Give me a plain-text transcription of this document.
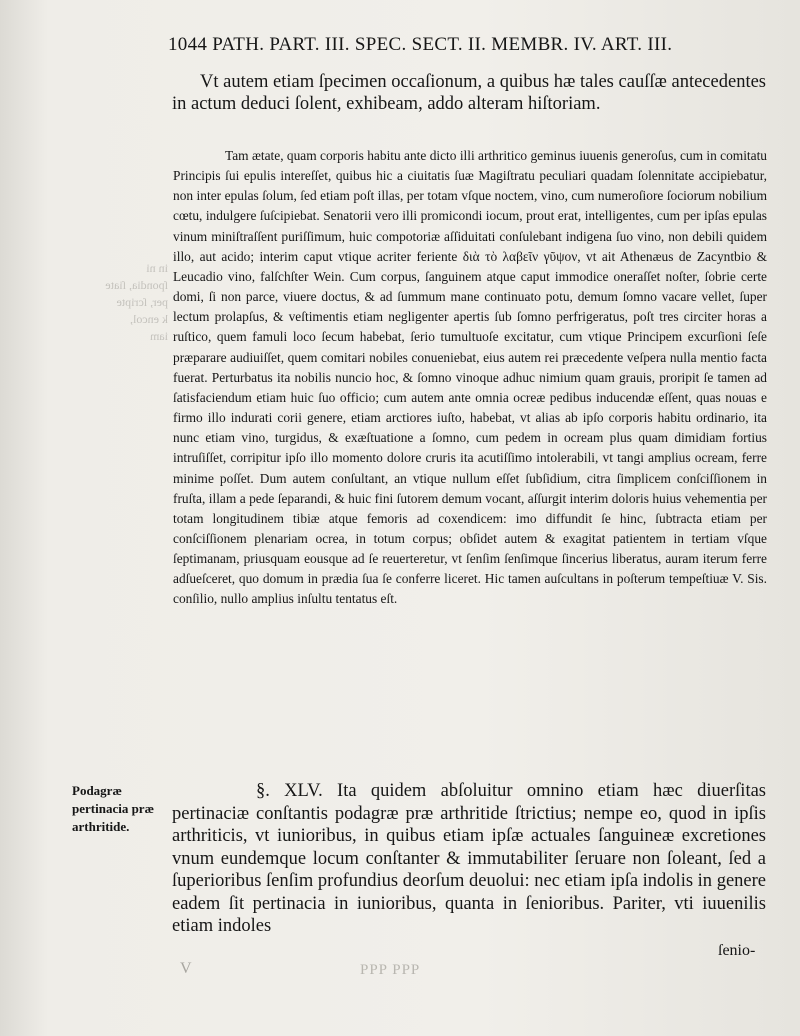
1044 PATH. PART. III. SPEC. SECT. II. MEMBR. IV. ART. III.

Vt autem etiam ſpecimen occaſionum, a quibus hæ tales cauſſæ antecedentes in actum deduci ſolent, exhibeam, addo alteram hiſtoriam.

Tam ætate, quam corporis habitu ante dicto illi arthritico geminus iuuenis generoſus, cum in comitatu Principis ſui epulis intereſſet, quibus hic a ciuitatis ſuæ Magiſtratu peculiari quadam ſolennitate accipiebatur, non inter epulas ſolum, ſed etiam poſt illas, per totam vſque noctem, vino, cum numeroſiore ſociorum nobilium cœtu, indulgere ſuſcipiebat. Senatorii vero illi promicondi iocum, prout erat, intelligentes, cum per ipſas epulas vinum miniſtraſſent puriſſimum, huic compotoriæ aſſiduitati conſulebant indigena ſuo vino, non debili quidem illo, aut acido; interim caput vtique acriter feriente διὰ τὸ λαβεῖν γῦψον, vt ait Athenæus de Zacyntbio & Leucadio vino, falſchſter Wein. Cum corpus, ſanguinem atque caput immodice oneraſſet noſter, ſobrie certe domi, ſi non parce, viuere doctus, & ad ſummum mane continuato potu, demum ſomno vacare vellet, ſuper lectum prolapſus, & veſtimentis etiam negligenter apertis ſub ſomno perfrigeratus, poſt tres circiter horas a ruſtico, quem famuli loco ſecum habebat, ſerio tumultuoſe excitatur, cum vtique Principem excurſioni ſeſe præparare audiuiſſet, quem comitari nobiles conueniebat, eius autem rei præcedente veſpera nulla mentio facta fuerat. Perturbatus ita nobilis nuncio hoc, & ſomno vinoque adhuc nimium quam grauis, proripit ſe tamen ad ſatisfaciendum etiam huic ſuo officio; cum autem ante omnia ocreæ pedibus inducendæ eſſent, quas nouas e firmo illo indurati corii genere, etiam arctiores iuſto, habebat, vt alias ab ipſo corporis habitu ordinario, ita nunc etiam vino, turgidus, & exæſtuatione a ſomno, cum pedem in ocream plus quam dimidiam fortius intruſiſſet, corripitur ipſo illo momento dolore cruris ita acutiſſimo intolerabili, vt tangi amplius ocream, ferre minime poſſet. Dum autem conſultant, an vtique nullum eſſet ſubſidium, citra ſimplicem conſciſſionem in fruſta, illam a pede ſeparandi, & huic fini ſutorem demum vocant, aſſurgit interim doloris huius vehementia per totam longitudinem tibiæ atque femoris ad coxendicem: imo diffundit ſe hinc, ſubtracta etiam per conſciſſionem plenariam ocrea, in totum corpus; obſidet autem & exagitat patientem in tertiam vſque ſeptimanam, priusquam eousque ad ſe reuerteretur, vt ſenſim ſenſimque ſincerius liberatus, auram iterum ferre adſueſceret, quo domum in prædia ſua ſe conferre liceret. Hic tamen auſcultans in poſterum tempeſtiuæ V. Sis. conſilio, nullo amplius inſultu tentatus eſt.

Podagræ pertinacia præ arthritide.

§. XLV. Ita quidem abſoluitur omnino etiam hæc diuerſitas pertinaciæ conſtantis podagræ præ arthritide ſtrictius; nempe eo, quod in ipſis arthriticis, vt iunioribus, in quibus etiam ipſæ actuales ſanguineæ excretiones vnum eundemque locum conſtanter & immutabiliter ſeruare non ſoleant, ſed a ſuperioribus ſenſim profundius deorſum deuolui: nec etiam ipſa indolis in genere eadem ſit pertinacia in iunioribus, quanta in ſenioribus. Pariter, vti iuuenilis etiam indoles

ſenio-
PPP PPP
V
in ni
ſpondia, ſiate
per, ſcripte
k encol,
iam
